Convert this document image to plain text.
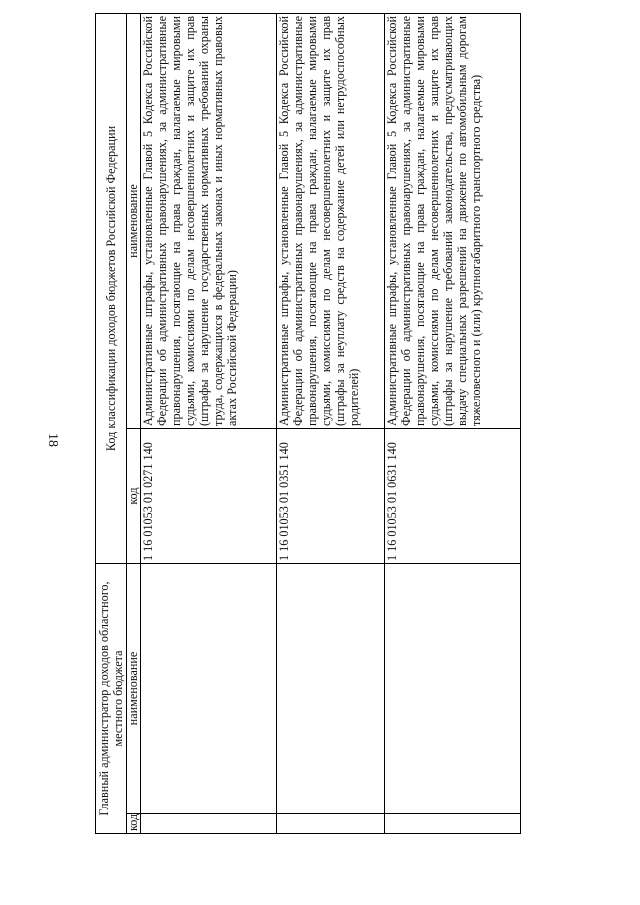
18
Главный администратор доходов областного, местного бюджета		Код классификации доходов бюджетов Российской Федерации	
код	наименование	код	наименование
		1 16 01053 01 0271 140	Административные штрафы, установленные Главой 5 Кодекса Российской Федерации об административных правонарушениях, за административные правонарушения, посягающие на права граждан, налагаемые мировыми судьями, комиссиями по делам несовершеннолетних и защите их прав (штрафы за нарушение государственных нормативных требований охраны труда, содержащихся в федеральных законах и иных нормативных правовых актах Российской Федерации)
		1 16 01053 01 0351 140	Административные штрафы, установленные Главой 5 Кодекса Российской Федерации об административных правонарушениях, за административные правонарушения, посягающие на права граждан, налагаемые мировыми судьями, комиссиями по делам несовершеннолетних и защите их прав (штрафы за неуплату средств на содержание детей или нетрудоспособных родителей)
		1 16 01053 01 0631 140	Административные штрафы, установленные Главой 5 Кодекса Российской Федерации об административных правонарушениях, за административные правонарушения, посягающие на права граждан, налагаемые мировыми судьями, комиссиями по делам несовершеннолетних и защите их прав (штрафы за нарушение требований законодательства, предусматривающих выдачу специальных разрешений на движение по автомобильным дорогам тяжеловесного и (или) крупногабаритного транспортного средства)
